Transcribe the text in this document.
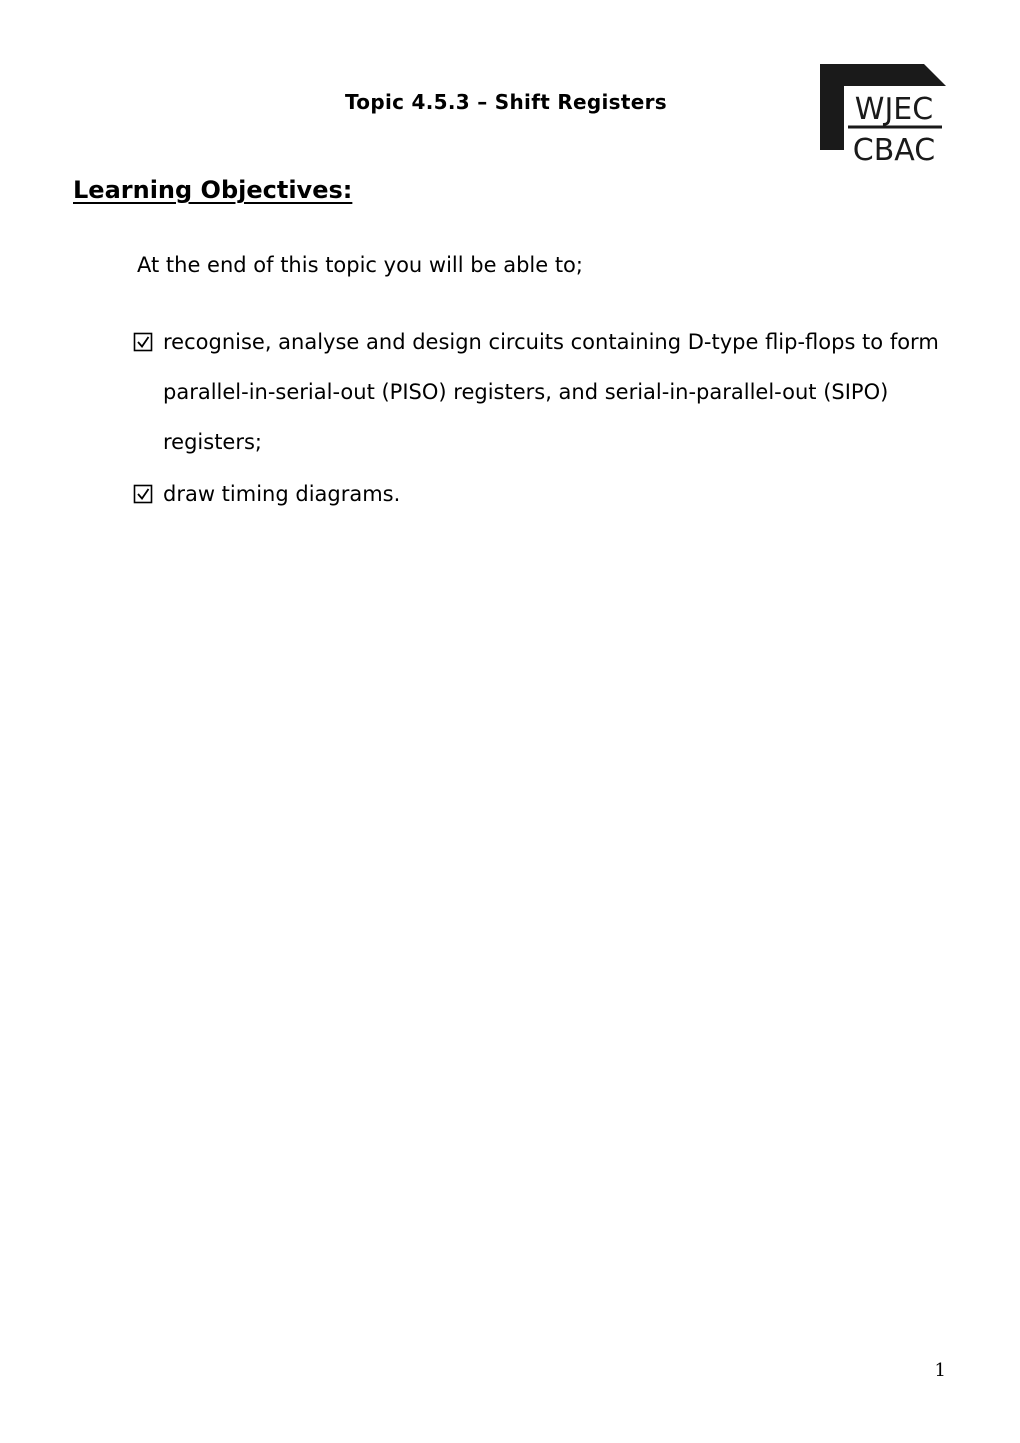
Topic 4.5.3 – Shift Registers	WJEC
CBAC
Learning Objectives:
At the end of this topic you will be able to;
recognise, analyse and design circuits containing D-type flip-flops to form parallel-in-serial-out (PISO) registers, and serial-in-parallel-out (SIPO) registers;
draw timing diagrams.
1
